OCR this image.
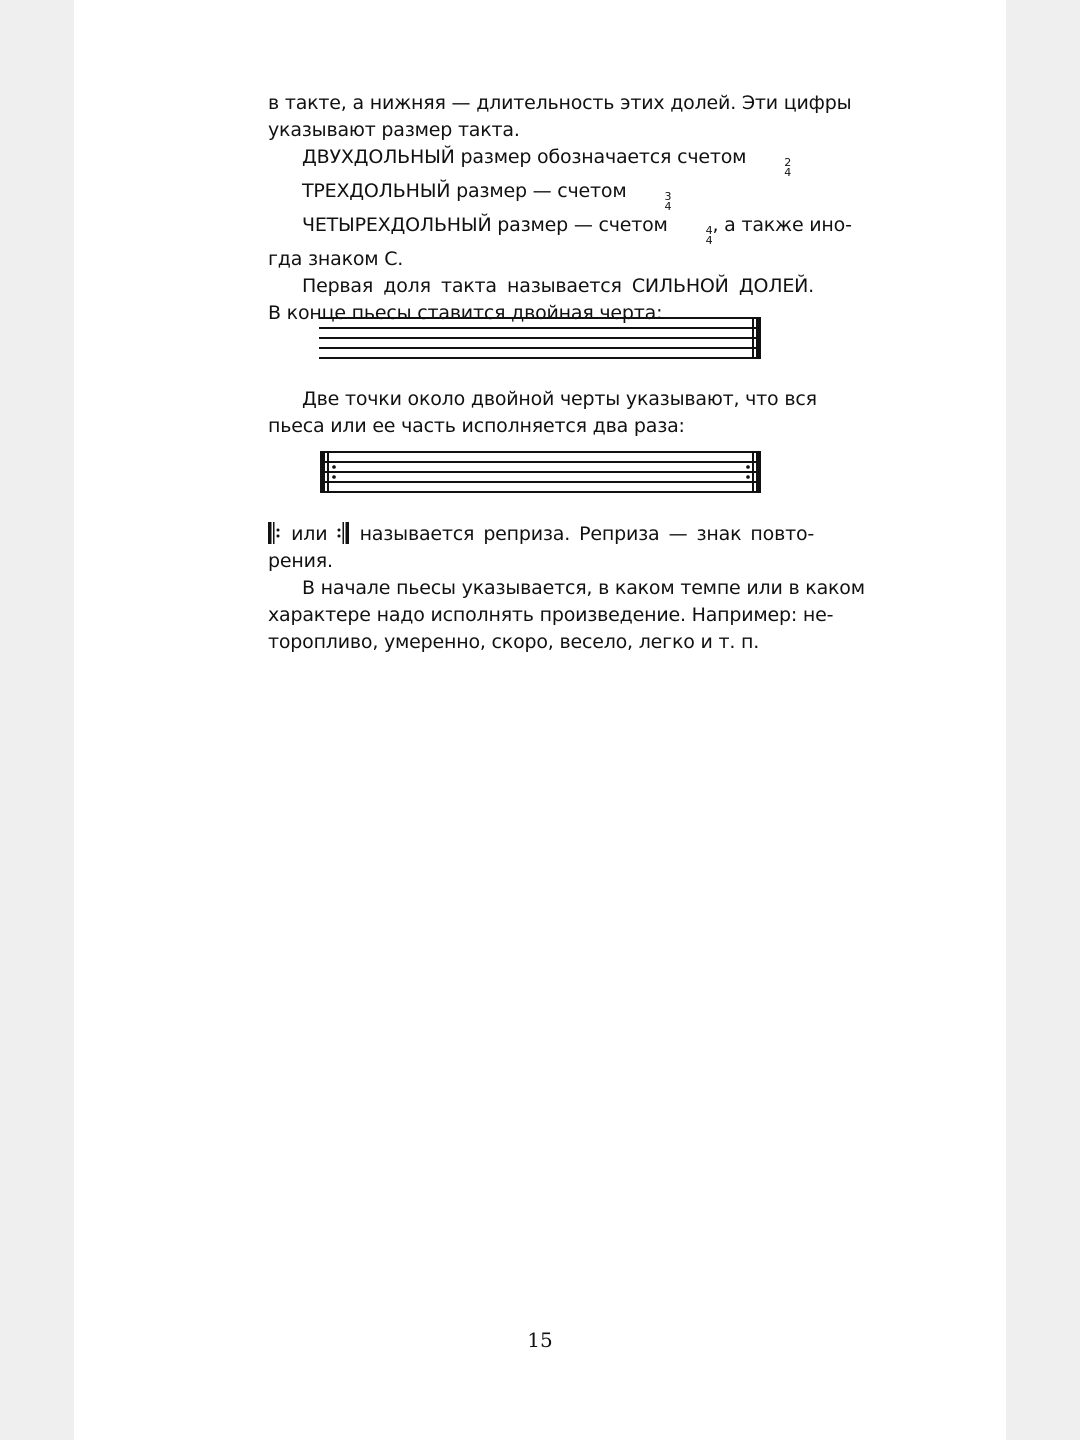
в такте, а нижняя — длительность этих долей. Эти цифры
указывают размер такта.
ДВУХДОЛЬНЫЙ размер обозначается счетом	2
4
ТРЕХДОЛЬНЫЙ размер — счетом	3
4
ЧЕТЫРЕХДОЛЬНЫЙ размер — счетом	4
4
, а также ино-
гда знаком С.
Первая доля такта называется СИЛЬНОЙ ДОЛЕЙ.
В конце пьесы ставится двойная черта:
Две точки около двойной черты указывают, что вся
пьеса или ее часть исполняется два раза:
или называется реприза. Реприза — знак повто-
рения.
В начале пьесы указывается, в каком темпе или в каком
характере надо исполнять произведение. Например: не-
торопливо, умеренно, скоро, весело, легко и т. п.
15
